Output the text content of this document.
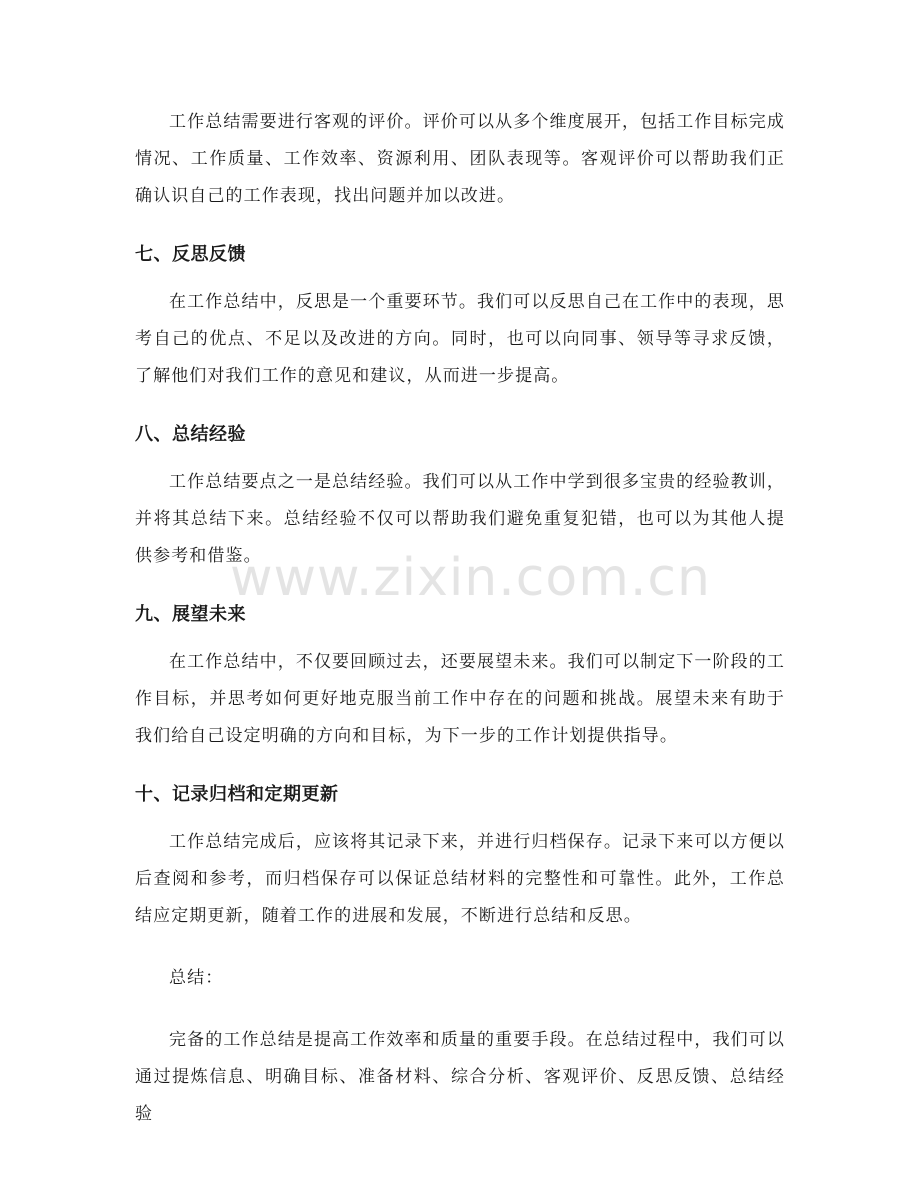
www.zixin.com.cn

工作总结需要进行客观的评价。评价可以从多个维度展开，包括工作目标完成情况、工作质量、工作效率、资源利用、团队表现等。客观评价可以帮助我们正确认识自己的工作表现，找出问题并加以改进。

七、反思反馈

在工作总结中，反思是一个重要环节。我们可以反思自己在工作中的表现，思考自己的优点、不足以及改进的方向。同时，也可以向同事、领导等寻求反馈，了解他们对我们工作的意见和建议，从而进一步提高。

八、总结经验

工作总结要点之一是总结经验。我们可以从工作中学到很多宝贵的经验教训，并将其总结下来。总结经验不仅可以帮助我们避免重复犯错，也可以为其他人提供参考和借鉴。

九、展望未来

在工作总结中，不仅要回顾过去，还要展望未来。我们可以制定下一阶段的工作目标，并思考如何更好地克服当前工作中存在的问题和挑战。展望未来有助于我们给自己设定明确的方向和目标，为下一步的工作计划提供指导。

十、记录归档和定期更新

工作总结完成后，应该将其记录下来，并进行归档保存。记录下来可以方便以后查阅和参考，而归档保存可以保证总结材料的完整性和可靠性。此外，工作总结应定期更新，随着工作的进展和发展，不断进行总结和反思。

总结：

完备的工作总结是提高工作效率和质量的重要手段。在总结过程中，我们可以通过提炼信息、明确目标、准备材料、综合分析、客观评价、反思反馈、总结经验
